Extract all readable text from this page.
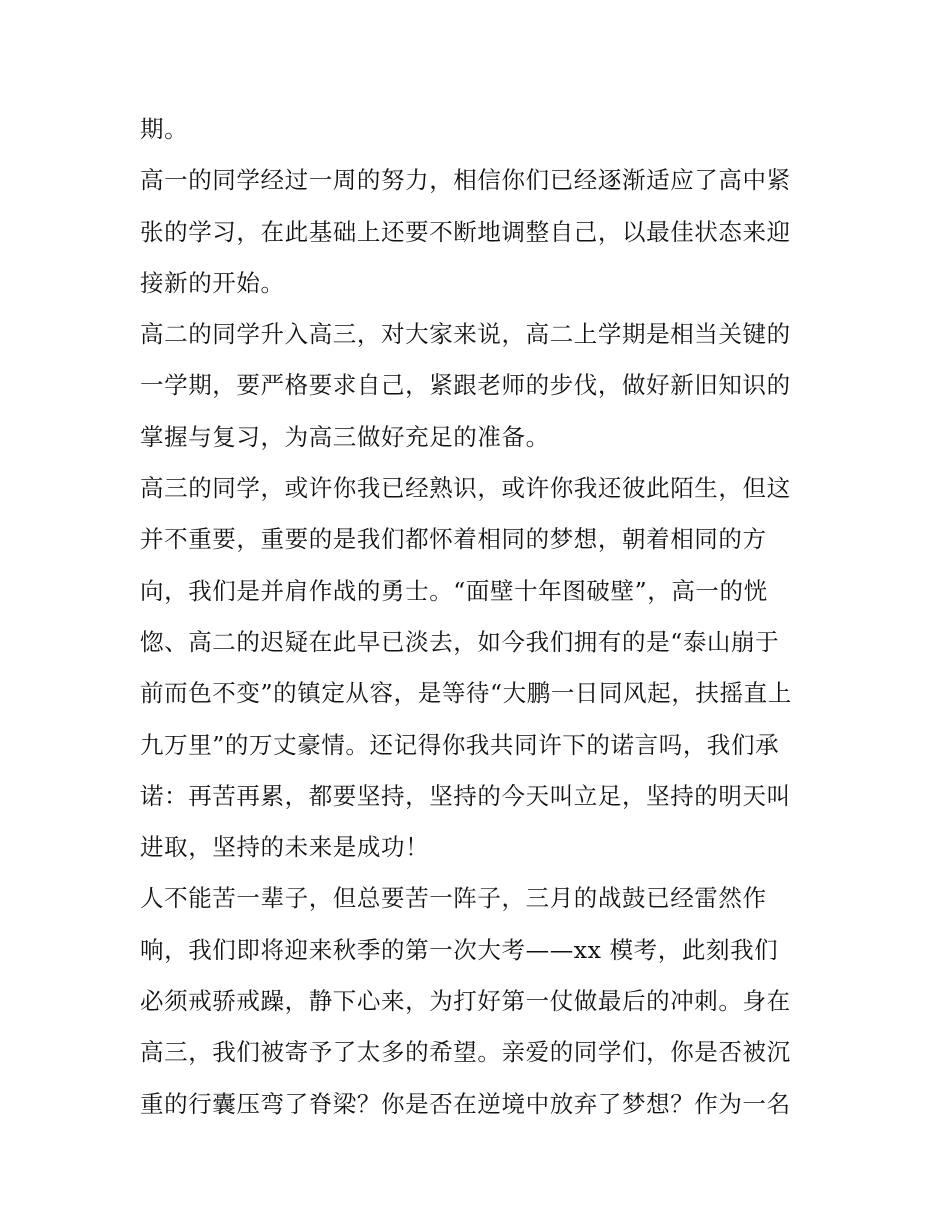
期。
高一的同学经过一周的努力，相信你们已经逐渐适应了高中紧
张的学习，在此基础上还要不断地调整自己，以最佳状态来迎
接新的开始。
高二的同学升入高三，对大家来说，高二上学期是相当关键的
一学期，要严格要求自己，紧跟老师的步伐，做好新旧知识的
掌握与复习，为高三做好充足的准备。
高三的同学，或许你我已经熟识，或许你我还彼此陌生，但这
并不重要，重要的是我们都怀着相同的梦想，朝着相同的方
向，我们是并肩作战的勇士。“面壁十年图破壁”，高一的恍
惚、高二的迟疑在此早已淡去，如今我们拥有的是“泰山崩于
前而色不变”的镇定从容，是等待“大鹏一日同风起，扶摇直上
九万里”的万丈豪情。还记得你我共同许下的诺言吗，我们承
诺：再苦再累，都要坚持，坚持的今天叫立足，坚持的明天叫
进取，坚持的未来是成功！
人不能苦一辈子，但总要苦一阵子，三月的战鼓已经雷然作
响，我们即将迎来秋季的第一次大考——xx 模考，此刻我们
必须戒骄戒躁，静下心来，为打好第一仗做最后的冲刺。身在
高三，我们被寄予了太多的希望。亲爱的同学们，你是否被沉
重的行囊压弯了脊梁？你是否在逆境中放弃了梦想？作为一名
